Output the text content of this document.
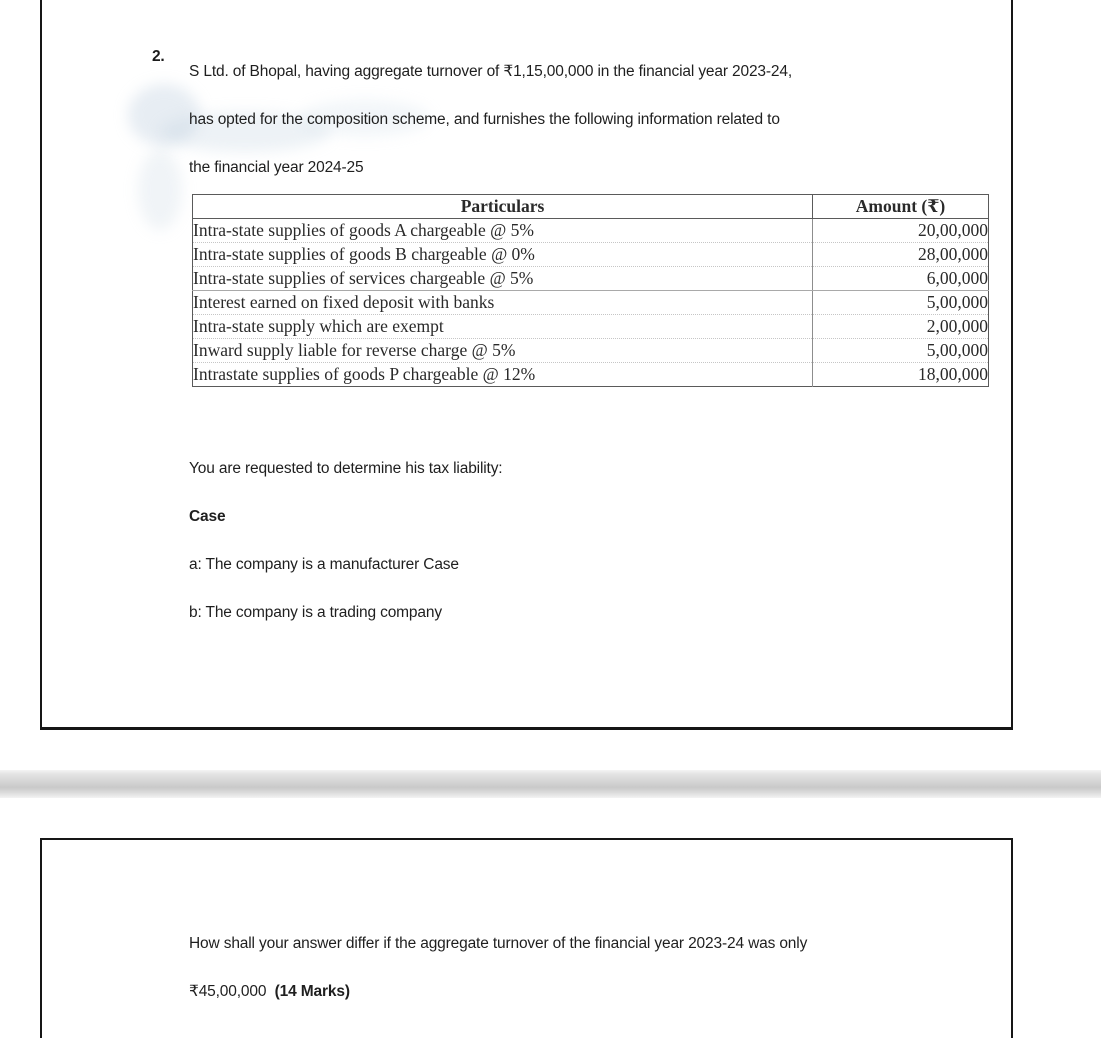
2.
S Ltd. of Bhopal, having aggregate turnover of ₹1,15,00,000 in the financial year 2023-24,
has opted for the composition scheme, and furnishes the following information related to
the financial year 2024-25
Particulars	Amount (₹)
Intra-state supplies of goods A chargeable @ 5%	20,00,000
Intra-state supplies of goods B chargeable @ 0%	28,00,000
Intra-state supplies of services chargeable @ 5%	6,00,000
Interest earned on fixed deposit with banks	5,00,000
Intra-state supply which are exempt	2,00,000
Inward supply liable for reverse charge @ 5%	5,00,000
Intrastate supplies of goods P chargeable @ 12%	18,00,000
You are requested to determine his tax liability:
Case
a: The company is a manufacturer Case
b: The company is a trading company
How shall your answer differ if the aggregate turnover of the financial year 2023-24 was only
₹45,00,000 (14 Marks)
